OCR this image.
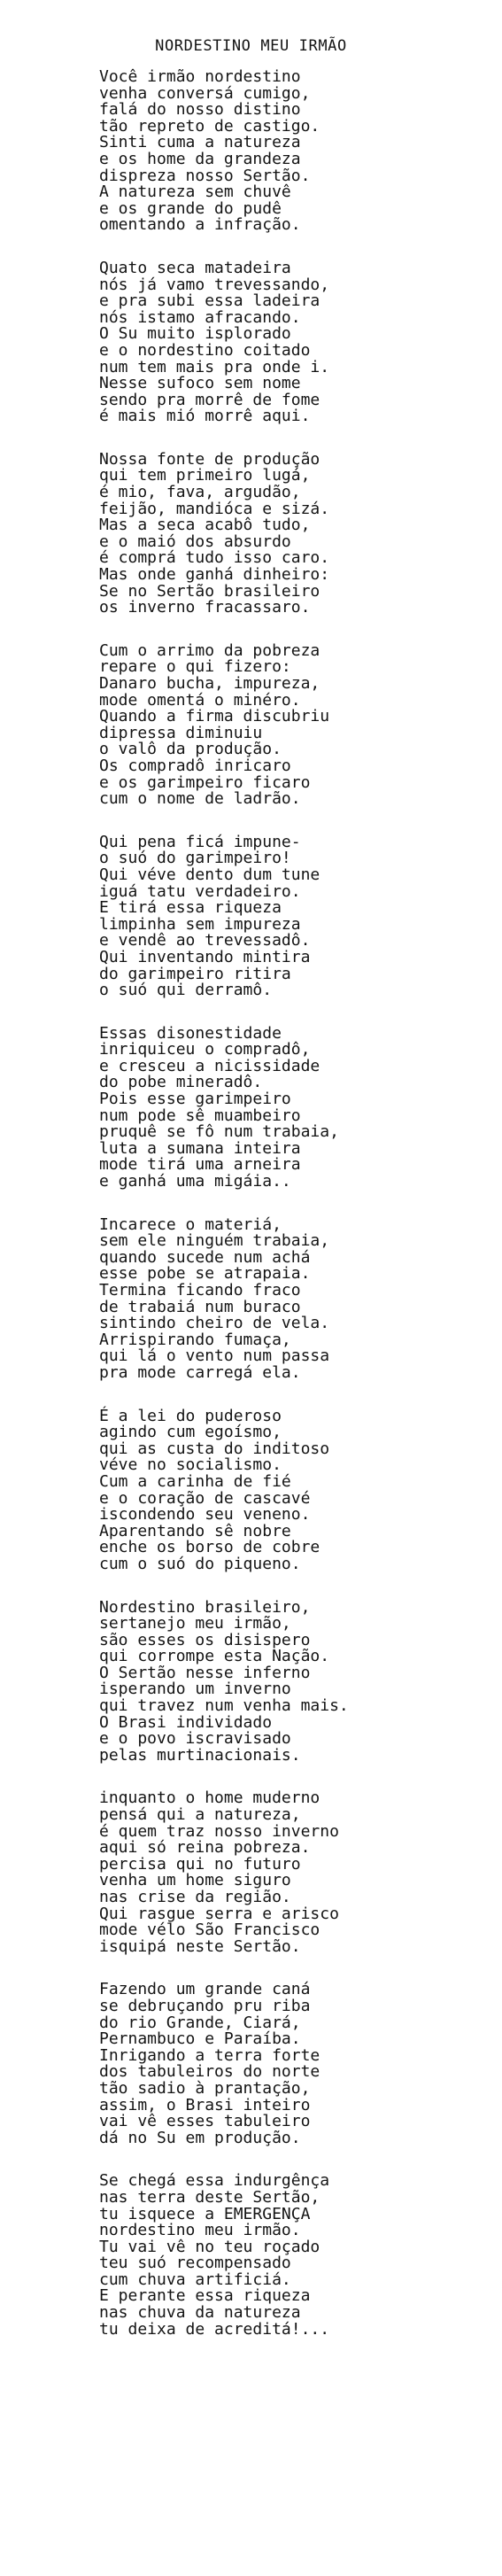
NORDESTINO MEU IRMÃO
Você irmão nordestino
venha conversá cumigo,
falá do nosso distino
tão repreto de castigo.
Sinti cuma a natureza
e os home da grandeza
dispreza nosso Sertão.
A natureza sem chuvê
e os grande do pudê
omentando a infração.
Quato seca matadeira
nós já vamo trevessando,
e pra subi essa ladeira
nós istamo afracando.
O Su muito isplorado
e o nordestino coitado
num tem mais pra onde i.
Nesse sufoco sem nome
sendo pra morrê de fome
é mais mió morrê aqui.
Nossa fonte de produção
qui tem primeiro lugá,
é mio, fava, argudão,
feijão, mandióca e sizá.
Mas a seca acabô tudo,
e o maió dos absurdo
é comprá tudo isso caro.
Mas onde ganhá dinheiro:
Se no Sertão brasileiro
os inverno fracassaro.
Cum o arrimo da pobreza
repare o qui fizero:
Danaro bucha, impureza,
mode omentá o minéro.
Quando a firma discubriu
dipressa diminuiu
o valô da produção.
Os compradô inricaro
e os garimpeiro ficaro
cum o nome de ladrão.
Qui pena ficá impune-
o suó do garimpeiro!
Qui véve dento dum tune
iguá tatu verdadeiro.
E tirá essa riqueza
limpinha sem impureza
e vendê ao trevessadô.
Qui inventando mintira
do garimpeiro ritira
o suó qui derramô.
Essas disonestidade
inriquiceu o compradô,
e cresceu a nicissidade
do pobe mineradô.
Pois esse garimpeiro
num pode sê muambeiro
pruquê se fô num trabaia,
luta a sumana inteira
mode tirá uma arneira
e ganhá uma migáia..
Incarece o materiá,
sem ele ninguém trabaia,
quando sucede num achá
esse pobe se atrapaia.
Termina ficando fraco
de trabaiá num buraco
sintindo cheiro de vela.
Arrispirando fumaça,
qui lá o vento num passa
pra mode carregá ela.
É a lei do puderoso
agindo cum egoísmo,
qui as custa do inditoso
véve no socialismo.
Cum a carinha de fié
e o coração de cascavé
iscondendo seu veneno.
Aparentando sê nobre
enche os borso de cobre
cum o suó do piqueno.
Nordestino brasileiro,
sertanejo meu irmão,
são esses os disispero
qui corrompe esta Nação.
O Sertão nesse inferno
isperando um inverno
qui travez num venha mais.
O Brasi individado
e o povo iscravisado
pelas murtinacionais.
inquanto o home muderno
pensá qui a natureza,
é quem traz nosso inverno
aqui só reina pobreza.
percisa qui no futuro
venha um home siguro
nas crise da região.
Qui rasgue serra e arisco
mode vélo São Francisco
isquipá neste Sertão.
Fazendo um grande caná
se debruçando pru riba
do rio Grande, Ciará,
Pernambuco e Paraíba.
Inrigando a terra forte
dos tabuleiros do norte
tão sadio à prantação,
assim, o Brasi inteiro
vai vê esses tabuleiro
dá no Su em produção.
Se chegá essa indurgênça
nas terra deste Sertão,
tu isquece a EMERGENÇA
nordestino meu irmão.
Tu vai vê no teu roçado
teu suó recompensado
cum chuva artificiá.
E perante essa riqueza
nas chuva da natureza
tu deixa de acreditá!...
